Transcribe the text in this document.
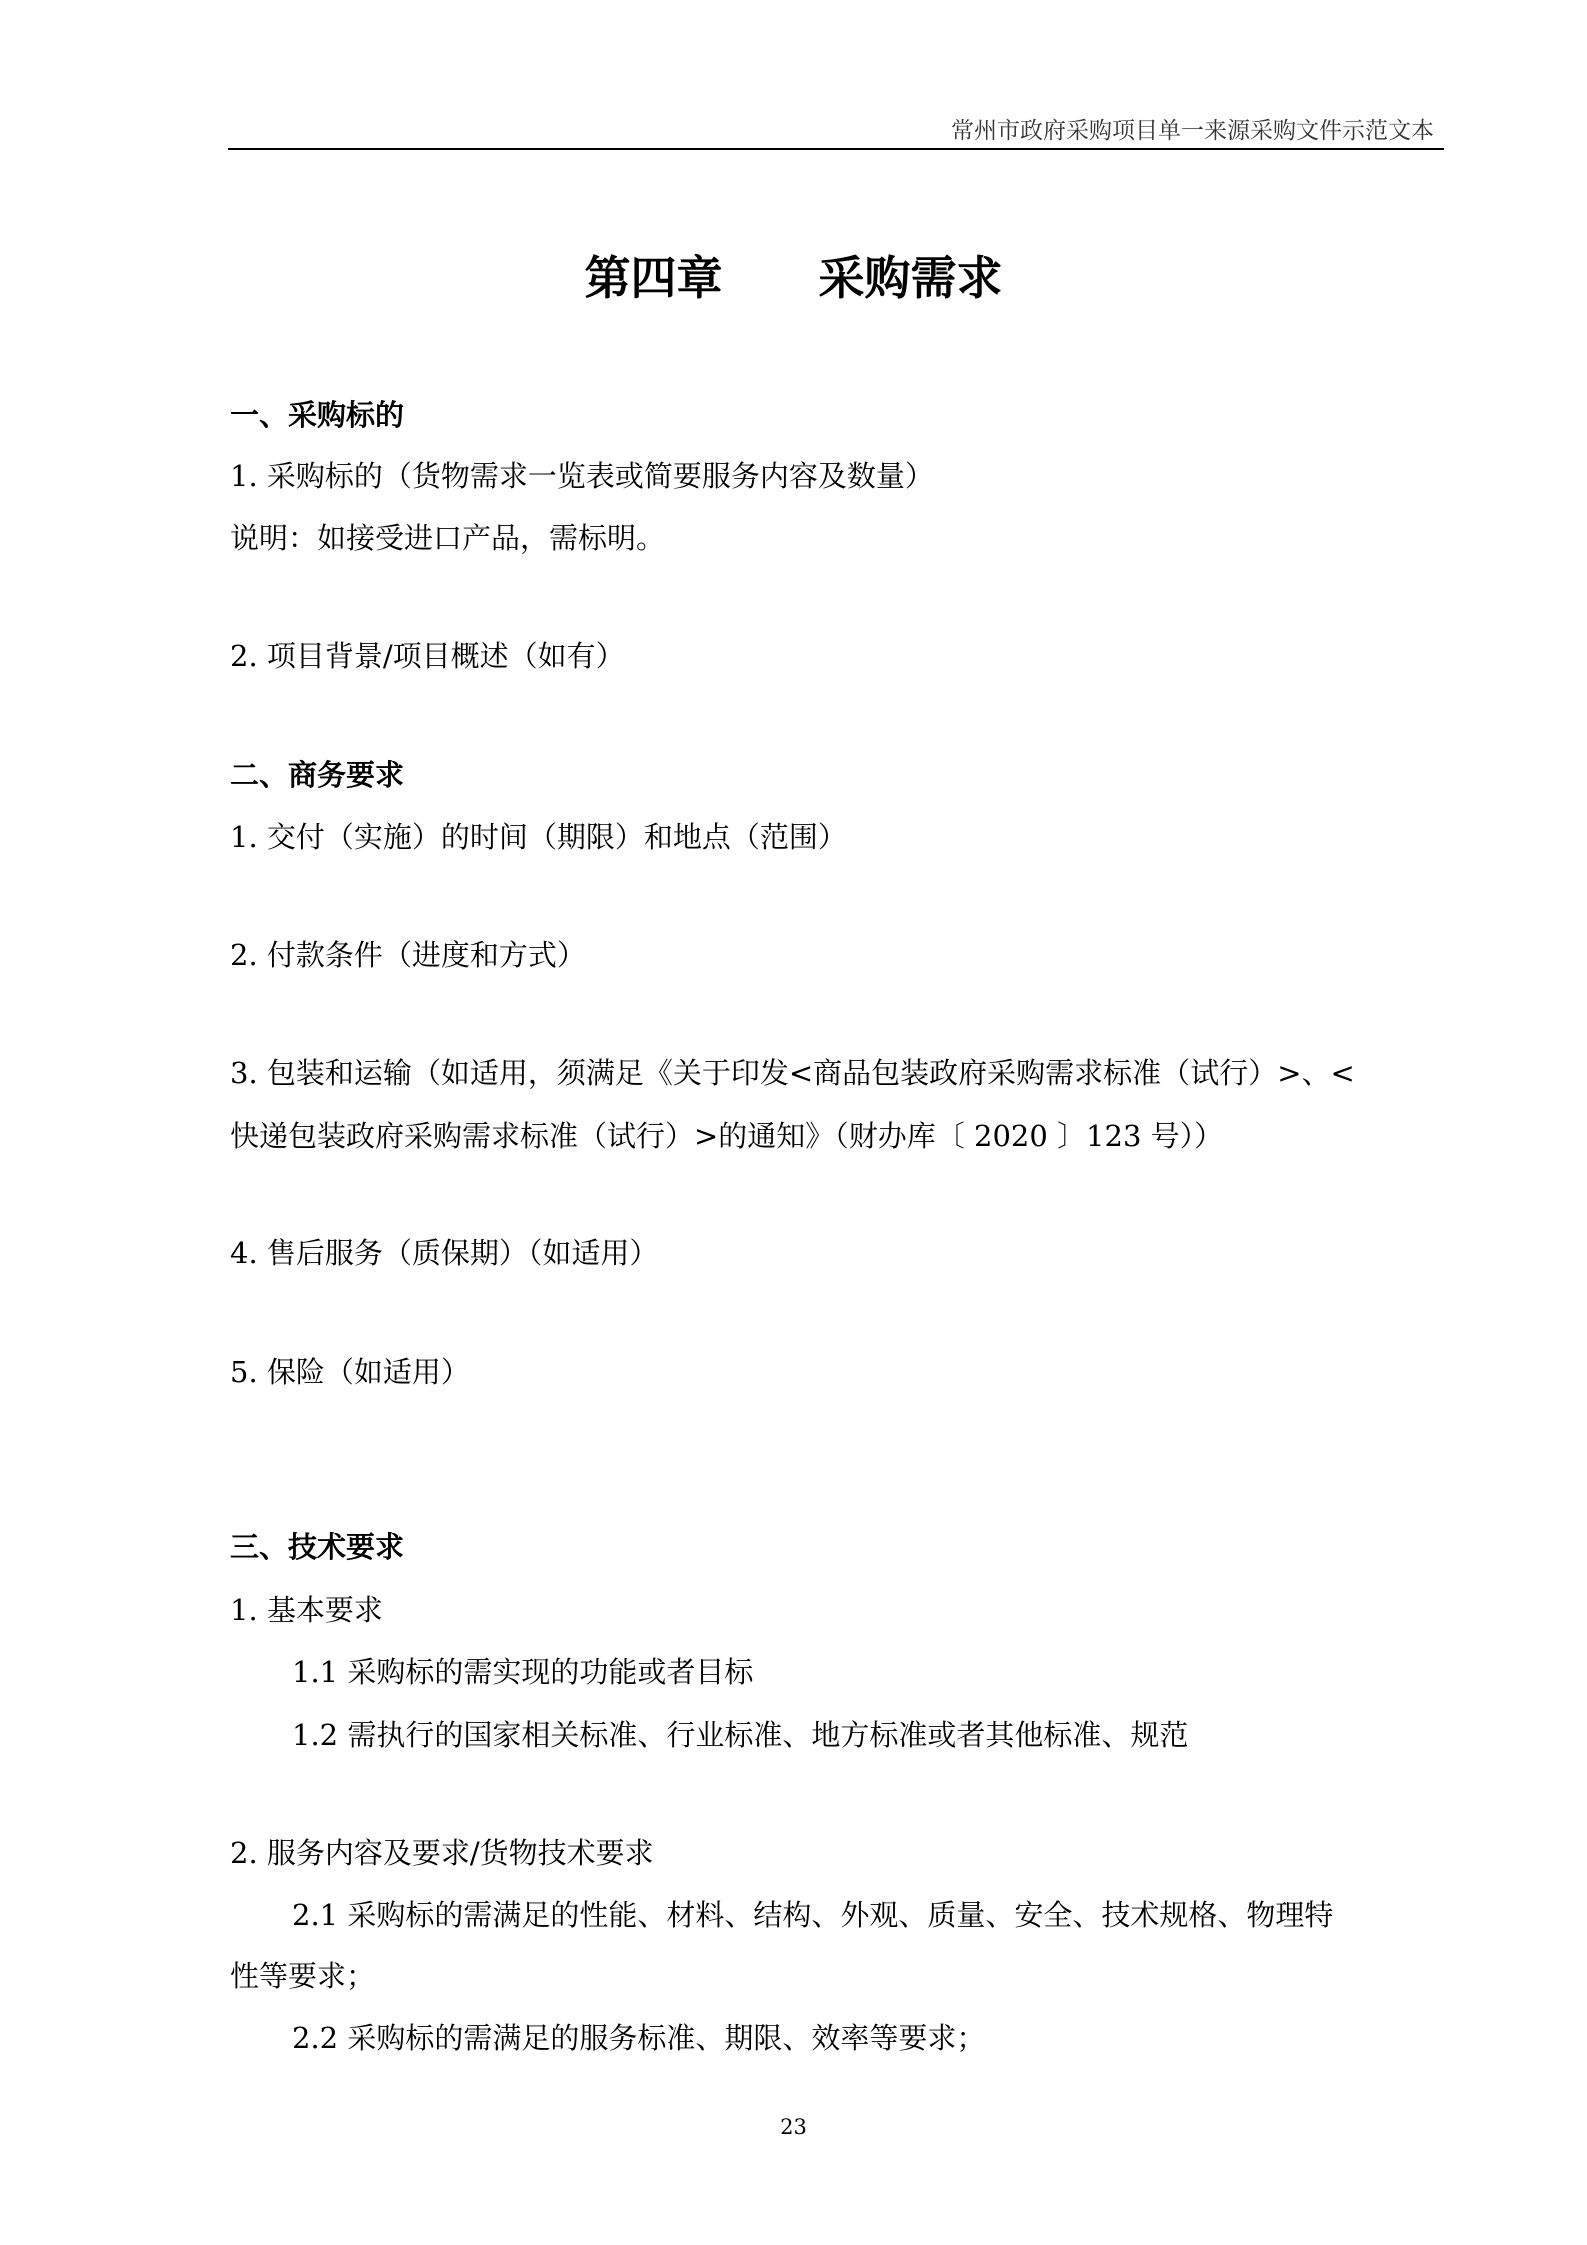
常州市政府采购项目单一来源采购文件示范文本
第四章      采购需求
一、采购标的
1. 采购标的（货物需求一览表或简要服务内容及数量）
说明：如接受进口产品，需标明。
2. 项目背景/项目概述（如有）
二、商务要求
1. 交付（实施）的时间（期限）和地点（范围）
2. 付款条件（进度和方式）
3. 包装和运输（如适用，须满足《关于印发<商品包装政府采购需求标准（试行）>、<
快递包装政府采购需求标准（试行）>的通知》（财办库〔 2020 〕123 号））
4. 售后服务（质保期）（如适用）
5. 保险（如适用）
三、技术要求
1. 基本要求
1.1 采购标的需实现的功能或者目标
1.2 需执行的国家相关标准、行业标准、地方标准或者其他标准、规范
2. 服务内容及要求/货物技术要求
2.1 采购标的需满足的性能、材料、结构、外观、质量、安全、技术规格、物理特
性等要求；
2.2 采购标的需满足的服务标准、期限、效率等要求；
23
